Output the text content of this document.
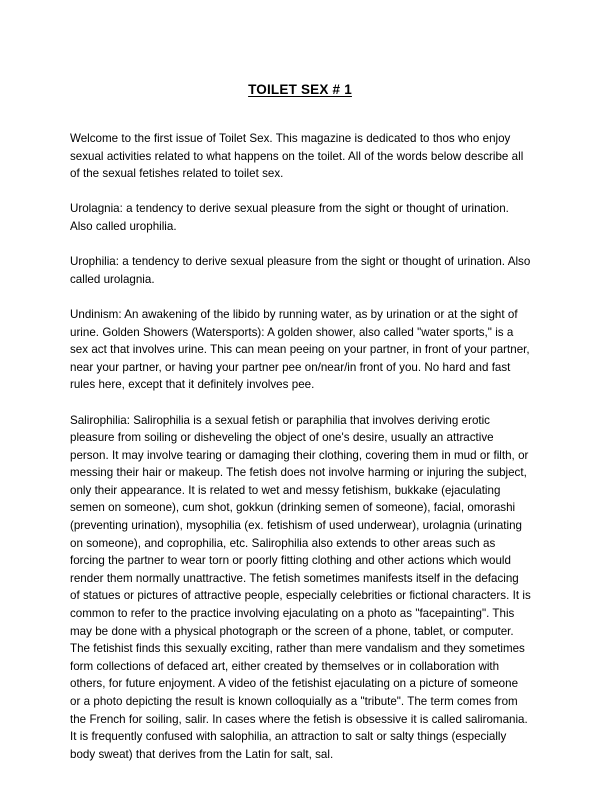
TOILET SEX # 1

Welcome to the first issue of Toilet Sex. This magazine is dedicated to thos who enjoy sexual activities related to what happens on the toilet. All of the words below describe all of the sexual fetishes related to toilet sex.

Urolagnia: a tendency to derive sexual pleasure from the sight or thought of urination. Also called urophilia.

Urophilia: a tendency to derive sexual pleasure from the sight or thought of urination. Also called urolagnia.

Undinism: An awakening of the libido by running water, as by urination or at the sight of urine. Golden Showers (Watersports): A golden shower, also called "water sports," is a sex act that involves urine. This can mean peeing on your partner, in front of your partner, near your partner, or having your partner pee on/near/in front of you. No hard and fast rules here, except that it definitely involves pee.

Salirophilia: Salirophilia is a sexual fetish or paraphilia that involves deriving erotic pleasure from soiling or disheveling the object of one's desire, usually an attractive person. It may involve tearing or damaging their clothing, covering them in mud or filth, or messing their hair or makeup. The fetish does not involve harming or injuring the subject, only their appearance. It is related to wet and messy fetishism, bukkake (ejaculating semen on someone), cum shot, gokkun (drinking semen of someone), facial, omorashi (preventing urination), mysophilia (ex. fetishism of used underwear), urolagnia (urinating on someone), and coprophilia, etc. Salirophilia also extends to other areas such as forcing the partner to wear torn or poorly fitting clothing and other actions which would render them normally unattractive. The fetish sometimes manifests itself in the defacing of statues or pictures of attractive people, especially celebrities or fictional characters. It is common to refer to the practice involving ejaculating on a photo as "facepainting". This may be done with a physical photograph or the screen of a phone, tablet, or computer. The fetishist finds this sexually exciting, rather than mere vandalism and they sometimes form collections of defaced art, either created by themselves or in collaboration with others, for future enjoyment. A video of the fetishist ejaculating on a picture of someone or a photo depicting the result is known colloquially as a "tribute". The term comes from the French for soiling, salir. In cases where the fetish is obsessive it is called saliromania. It is frequently confused with salophilia, an attraction to salt or salty things (especially body sweat) that derives from the Latin for salt, sal.
